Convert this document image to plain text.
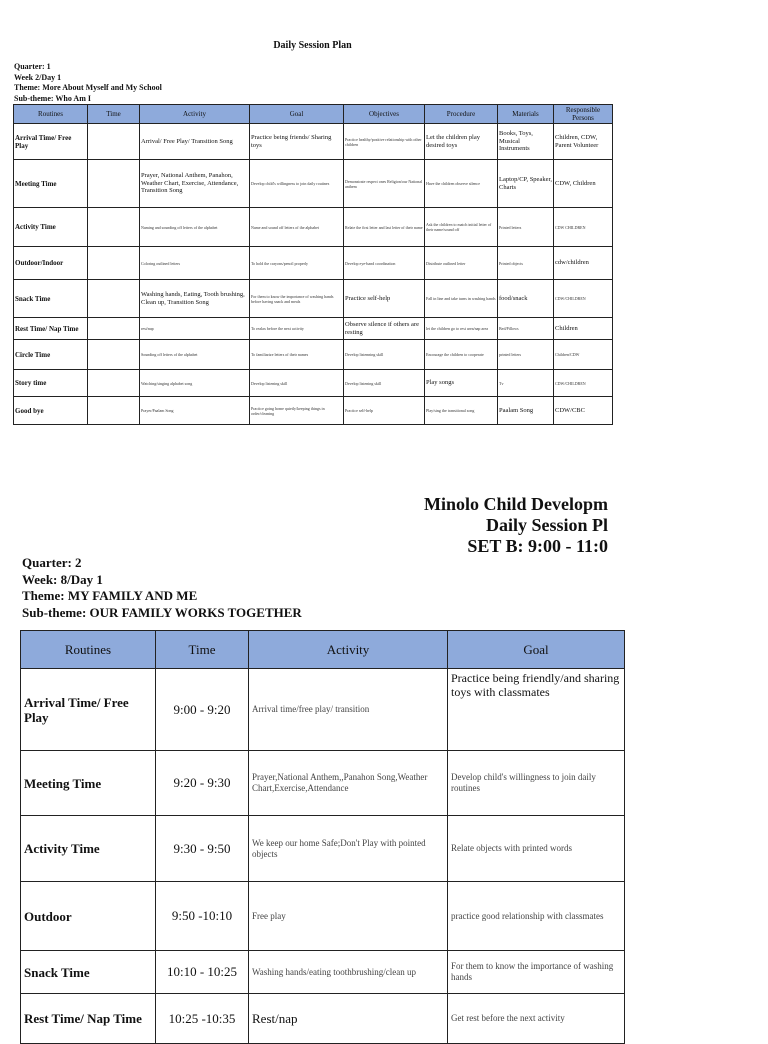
Daily Session Plan
Quarter: 1
Week 2/Day 1
Theme: More About Myself and My School
Sub-theme: Who Am I
Routines	Time	Activity	Goal	Objectives	Procedure	Materials	Responsible Persons
Arrival Time/ Free Play		Arrival/ Free Play/ Transition Song	Practice being friends/ Sharing toys	Practice healthy/positive relationship with other children	Let the children play desired toys	Books, Toys, Musical Instruments	Children, CDW, Parent Volunteer
Meeting Time		Prayer, National Anthem, Panahon, Weather Chart, Exercise, Attendance, Transition Song	Develop child's willingness to join daily routines	Demonstrate respect ones Religion/our National anthem	Have the children observe silence	Laptop/CP, Speaker, Charts	CDW, Children
Activity Time		Naming and sounding off letters of the alphabet	Name and sound off letters of the alphabet	Relate the first letter and last letter of their name	Ask the children to match initial letter of their name/sound off	Printed letters	CDW CHILDREN
Outdoor/Indoor		Coloring outlined letters	To hold the crayons/pencil properly	Develop eye-hand coordination	Distribute outlined letter	Printed objects	cdw/children
Snack Time		Washing hands, Eating, Tooth brushing, Clean up, Transition Song	For them to know the importance of washing hands before having snack and meals	Practice self-help	Fall in line and take turns in washing hands	food/snack	CDW/CHILDREN
Rest Time/ Nap Time		rest/nap	To realax before the next activity	Observe silence if others are resting	let the children go to rest area/nap area	Bed/Pillows	Children
Circle Time		Sounding off letters of the alphabet	To familiarize letters of their names	Develop listenning skill	Encourage the children to cooperate	printed letters	Children/CDW
Story time		Watching/singing alphabet song	Develop listening skill	Develop listening skill	Play songs	Tv	CDW/CHILDREN
Good bye		Prayer/Paalam Song	Practice going home quietly/keeping things in order/cleaning	Practice self-help	Play/sing the transitional song	Paalam Song	CDW/CBC
Minolo Child Developm
Daily Session Pl
SET B: 9:00 - 11:0
Quarter: 2
Week: 8/Day 1
Theme: MY FAMILY AND ME
Sub-theme: OUR FAMILY WORKS TOGETHER
Routines	Time	Activity	Goal
Arrival Time/ Free Play	9:00 - 9:20	Arrival time/free play/ transition	Practice being friendly/and sharing toys with classmates
Meeting Time	9:20 - 9:30	Prayer,National Anthem,,Panahon Song,Weather Chart,Exercise,Attendance	Develop child's willingness to join daily routines
Activity Time	9:30 - 9:50	We keep our home Safe;Don't Play with pointed objects	Relate objects with printed words
Outdoor	9:50 -10:10	Free play	practice good relationship with classmates
Snack Time	10:10 - 10:25	Washing hands/eating toothbrushing/clean up	For them to know the importance of washing hands
Rest Time/ Nap Time	10:25 -10:35	Rest/nap	Get rest before the next activity
